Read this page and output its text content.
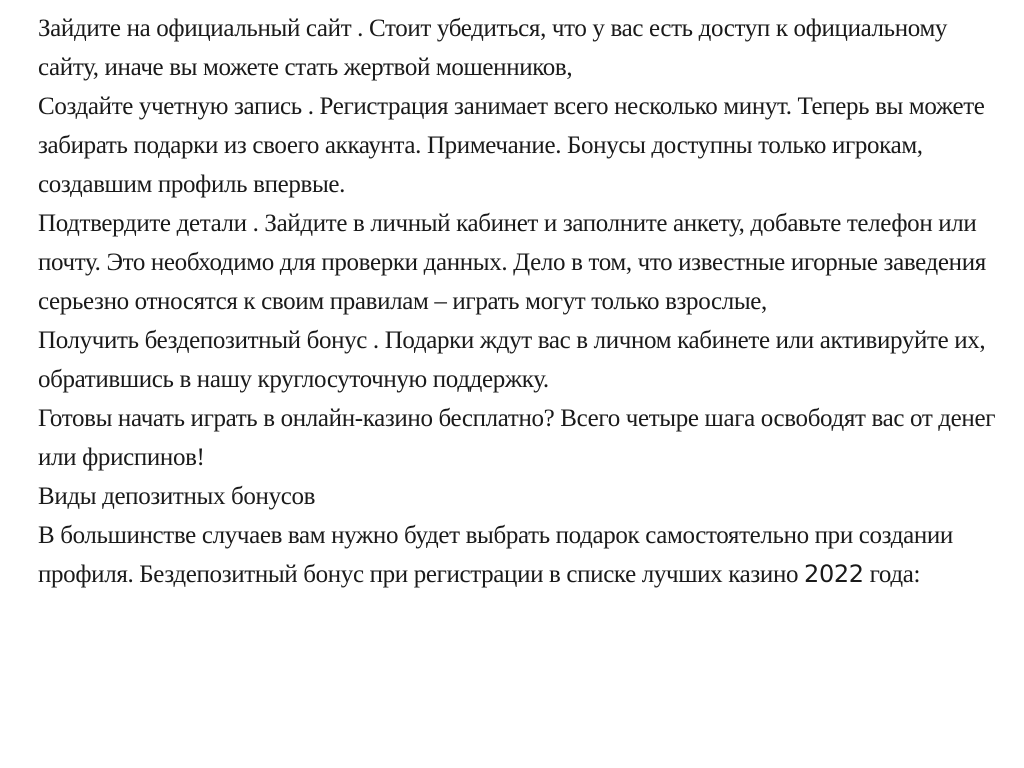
Зайдите на официальный сайт . Стоит убедиться, что у вас есть доступ к официальному сайту, иначе вы можете стать жертвой мошенников,

Создайте учетную запись . Регистрация занимает всего несколько минут. Теперь вы можете забирать подарки из своего аккаунта. Примечание. Бонусы доступны только игрокам, создавшим профиль впервые.

Подтвердите детали . Зайдите в личный кабинет и заполните анкету, добавьте телефон или почту. Это необходимо для проверки данных. Дело в том, что известные игорные заведения серьезно относятся к своим правилам – играть могут только взрослые,

Получить бездепозитный бонус . Подарки ждут вас в личном кабинете или активируйте их, обратившись в нашу круглосуточную поддержку.

Готовы начать играть в онлайн-казино бесплатно? Всего четыре шага освободят вас от денег или фриспинов!

Виды депозитных бонусов

В большинстве случаев вам нужно будет выбрать подарок самостоятельно при создании профиля. Бездепозитный бонус при регистрации в списке лучших казино 2022 года:
